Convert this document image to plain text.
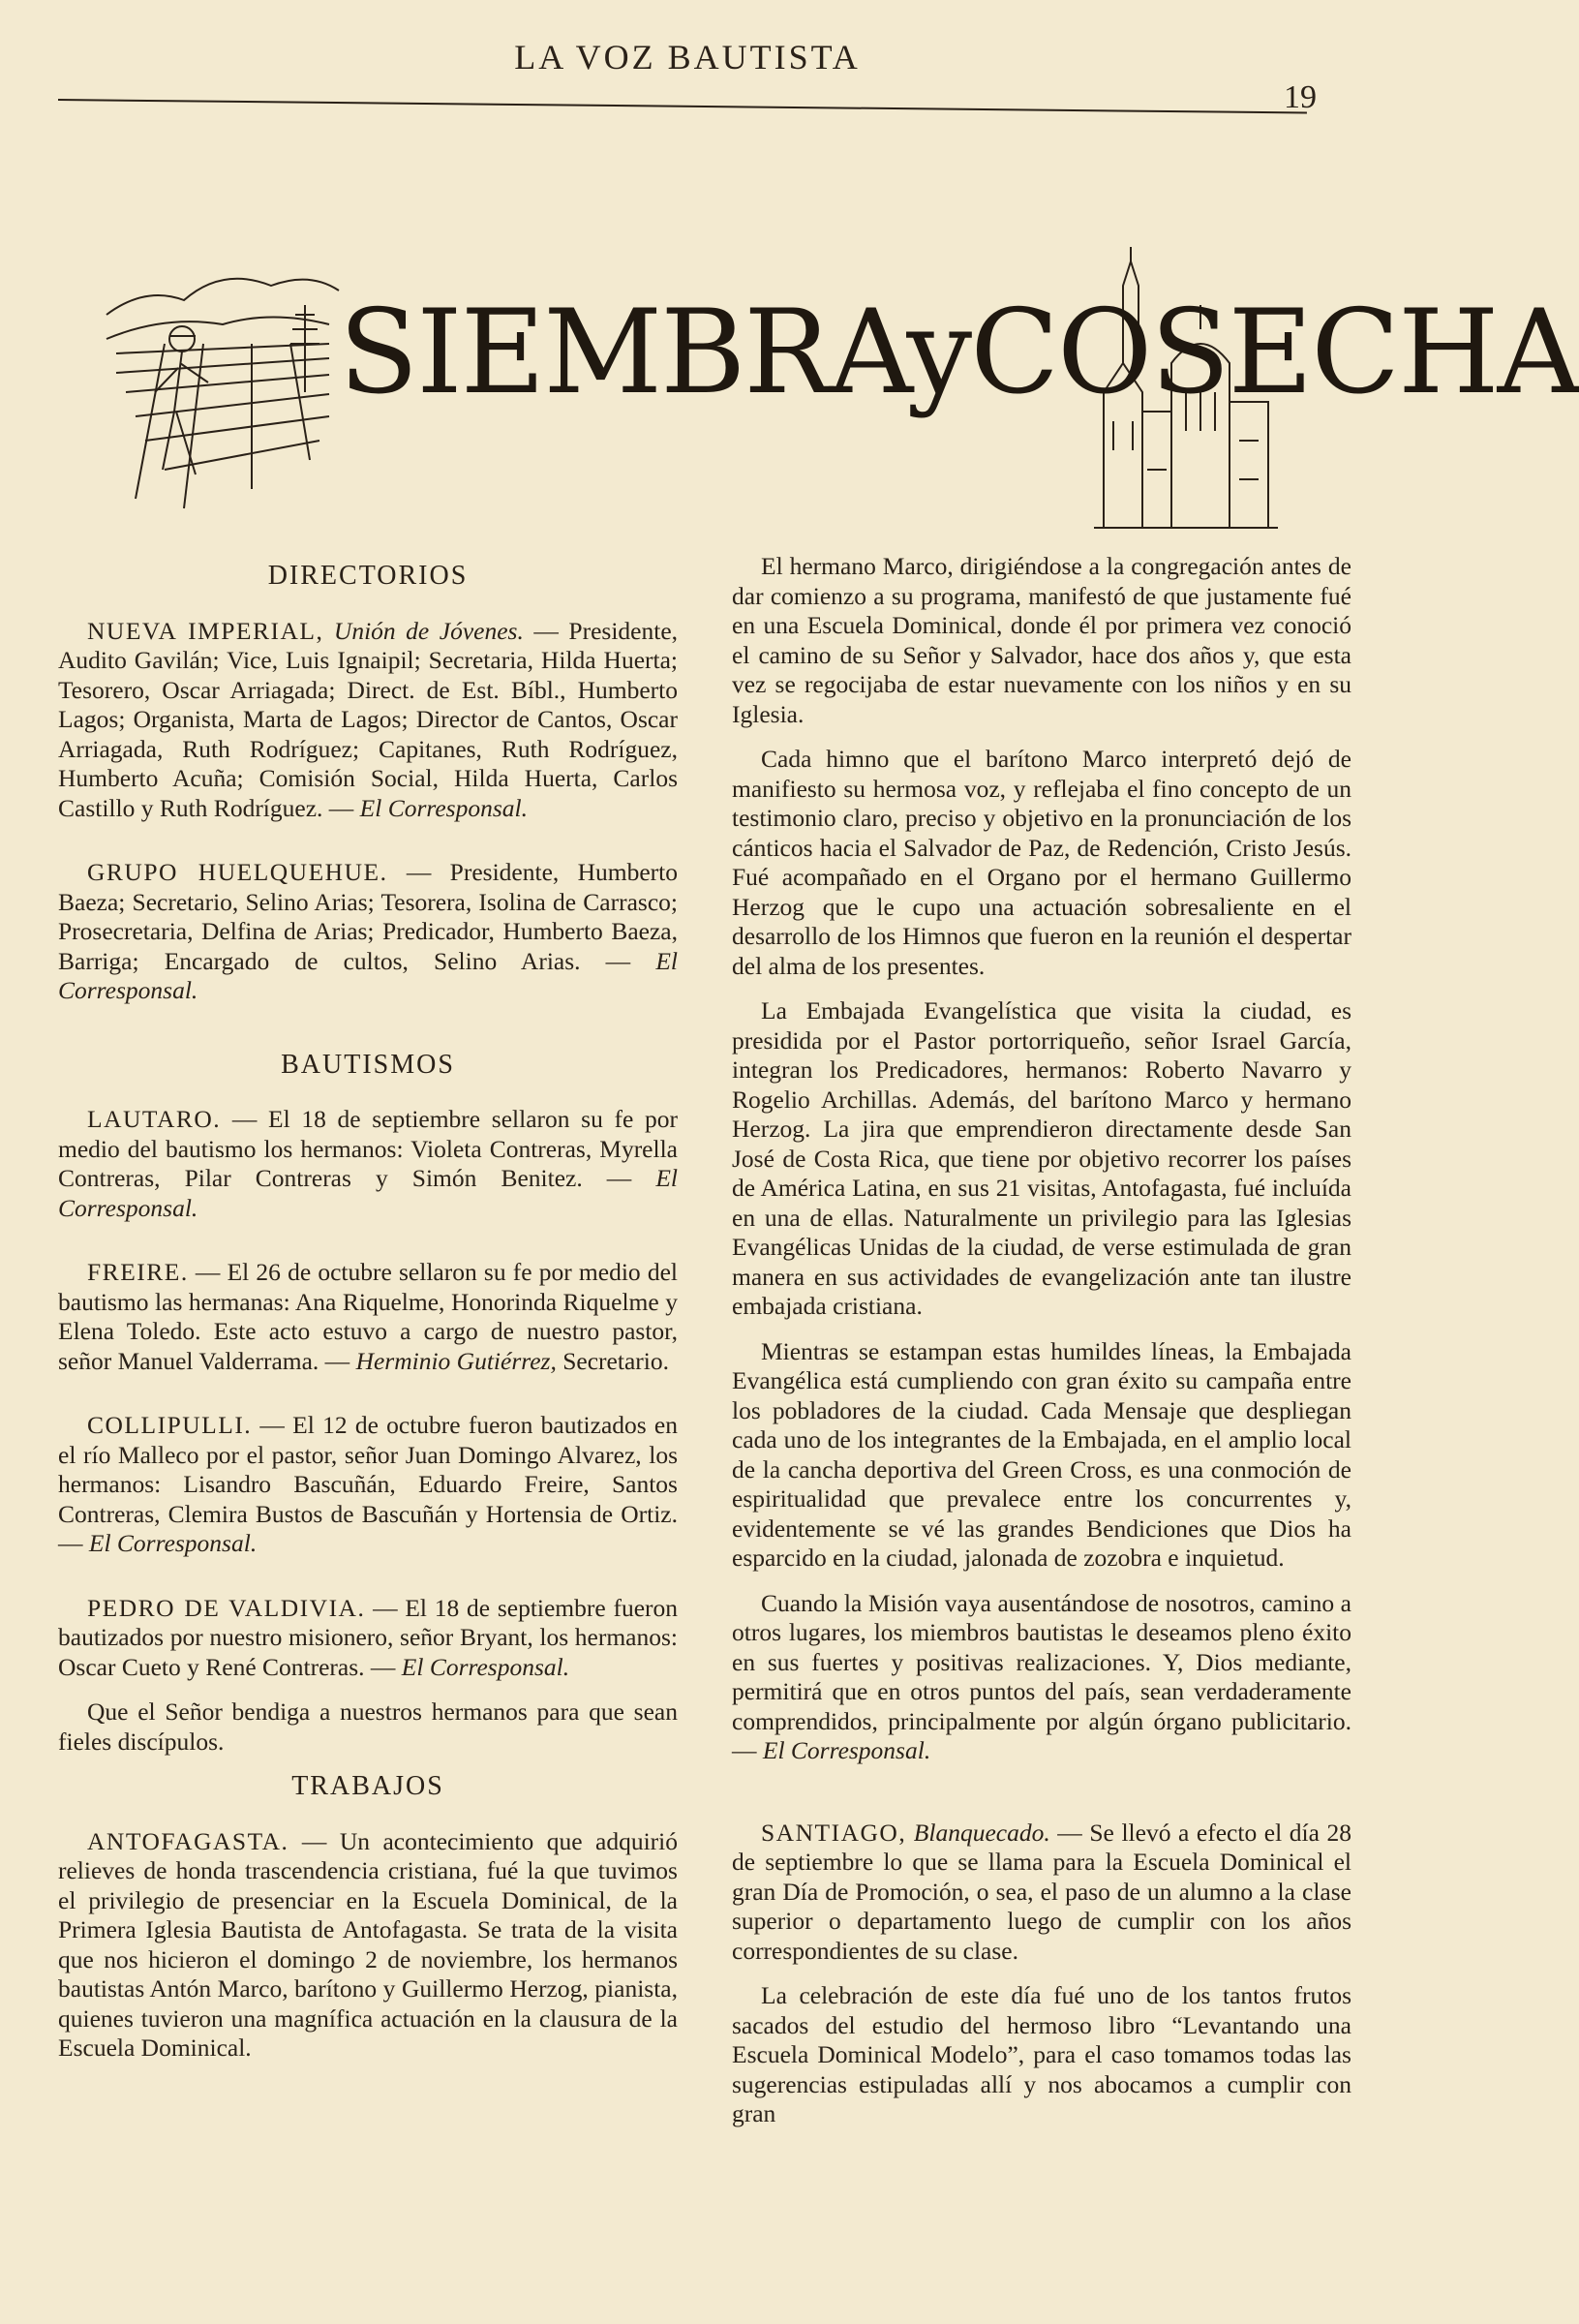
LA VOZ BAUTISTA
19
SIEMBRAyCOSECHA
DIRECTORIOS

NUEVA IMPERIAL, Unión de Jóvenes. — Presidente, Audito Gavilán; Vice, Luis Ignaipil; Secretaria, Hilda Huerta; Tesorero, Oscar Arriagada; Direct. de Est. Bíbl., Humberto Lagos; Organista, Marta de Lagos; Director de Cantos, Oscar Arriagada, Ruth Rodríguez; Capitanes, Ruth Rodríguez, Humberto Acuña; Comisión Social, Hilda Huerta, Carlos Castillo y Ruth Rodríguez. — El Corresponsal.

GRUPO HUELQUEHUE. — Presidente, Humberto Baeza; Secretario, Selino Arias; Tesorera, Isolina de Carrasco; Prosecretaria, Delfina de Arias; Predicador, Humberto Baeza, Barriga; Encargado de cultos, Selino Arias. — El Corresponsal.

BAUTISMOS

LAUTARO. — El 18 de septiembre sellaron su fe por medio del bautismo los hermanos: Violeta Contreras, Myrella Contreras, Pilar Contreras y Simón Benitez. — El Corresponsal.

FREIRE. — El 26 de octubre sellaron su fe por medio del bautismo las hermanas: Ana Riquelme, Honorinda Riquelme y Elena Toledo. Este acto estuvo a cargo de nuestro pastor, señor Manuel Valderrama. — Herminio Gutiérrez, Secretario.

COLLIPULLI. — El 12 de octubre fueron bautizados en el río Malleco por el pastor, señor Juan Domingo Alvarez, los hermanos: Lisandro Bascuñán, Eduardo Freire, Santos Contreras, Clemira Bustos de Bascuñán y Hortensia de Ortiz. — El Corresponsal.

PEDRO DE VALDIVIA. — El 18 de septiembre fueron bautizados por nuestro misionero, señor Bryant, los hermanos: Oscar Cueto y René Contreras. — El Corresponsal.

Que el Señor bendiga a nuestros hermanos para que sean fieles discípulos.

TRABAJOS

ANTOFAGASTA. — Un acontecimiento que adquirió relieves de honda trascendencia cristiana, fué la que tuvimos el privilegio de presenciar en la Escuela Dominical, de la Primera Iglesia Bautista de Antofagasta. Se trata de la visita que nos hicieron el domingo 2 de noviembre, los hermanos bautistas Antón Marco, barítono y Guillermo Herzog, pianista, quienes tuvieron una magnífica actuación en la clausura de la Escuela Dominical.

El hermano Marco, dirigiéndose a la congregación antes de dar comienzo a su programa, manifestó de que justamente fué en una Escuela Dominical, donde él por primera vez conoció el camino de su Señor y Salvador, hace dos años y, que esta vez se regocijaba de estar nuevamente con los niños y en su Iglesia.

Cada himno que el barítono Marco interpretó dejó de manifiesto su hermosa voz, y reflejaba el fino concepto de un testimonio claro, preciso y objetivo en la pronunciación de los cánticos hacia el Salvador de Paz, de Redención, Cristo Jesús. Fué acompañado en el Organo por el hermano Guillermo Herzog que le cupo una actuación sobresaliente en el desarrollo de los Himnos que fueron en la reunión el despertar del alma de los presentes.

La Embajada Evangelística que visita la ciudad, es presidida por el Pastor portorriqueño, señor Israel García, integran los Predicadores, hermanos: Roberto Navarro y Rogelio Archillas. Además, del barítono Marco y hermano Herzog. La jira que emprendieron directamente desde San José de Costa Rica, que tiene por objetivo recorrer los países de América Latina, en sus 21 visitas, Antofagasta, fué incluída en una de ellas. Naturalmente un privilegio para las Iglesias Evangélicas Unidas de la ciudad, de verse estimulada de gran manera en sus actividades de evangelización ante tan ilustre embajada cristiana.

Mientras se estampan estas humildes líneas, la Embajada Evangélica está cumpliendo con gran éxito su campaña entre los pobladores de la ciudad. Cada Mensaje que despliegan cada uno de los integrantes de la Embajada, en el amplio local de la cancha deportiva del Green Cross, es una conmoción de espiritualidad que prevalece entre los concurrentes y, evidentemente se vé las grandes Bendiciones que Dios ha esparcido en la ciudad, jalonada de zozobra e inquietud.

Cuando la Misión vaya ausentándose de nosotros, camino a otros lugares, los miembros bautistas le deseamos pleno éxito en sus fuertes y positivas realizaciones. Y, Dios mediante, permitirá que en otros puntos del país, sean verdaderamente comprendidos, principalmente por algún órgano publicitario. — El Corresponsal.

SANTIAGO, Blanquecado. — Se llevó a efecto el día 28 de septiembre lo que se llama para la Escuela Dominical el gran Día de Promoción, o sea, el paso de un alumno a la clase superior o departamento luego de cumplir con los años correspondientes de su clase.

La celebración de este día fué uno de los tantos frutos sacados del estudio del hermoso libro “Levantando una Escuela Dominical Modelo”, para el caso tomamos todas las sugerencias estipuladas allí y nos abocamos a cumplir con gran
